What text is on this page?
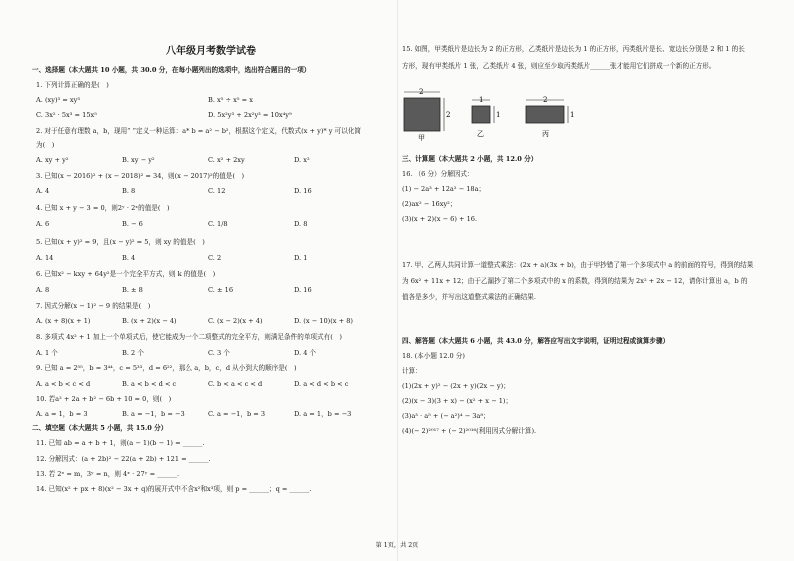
八年级月考数学试卷
一、选择题（本大题共 10 小题，共 30.0 分，在每小题列出的选项中，选出符合题目的一项）
1. 下列计算正确的是(　)
A. (xy)³ = xy³	B. x⁵ ÷ x⁵ = x
C. 3x² · 5x³ = 15x⁵	D. 5x²y³ + 2x²y³ = 10x⁴y⁹
2. 对于任意有理数 a，b，现用“ ”定义一种运算：a* b = a² − b²，根据这个定义，代数式(x + y)* y 可以化简
为(　)
A. xy + y²	B. xy − y²	C. x² + 2xy	D. x²
3. 已知(x − 2016)² + (x − 2018)² = 34，则(x − 2017)²的值是(　)
A. 4	B. 8	C. 12	D. 16
4. 已知 x + y − 3 = 0，则2ʸ · 2ˣ的值是(　)
A. 6	B. − 6	C. 1/8	D. 8
5. 已知(x + y)² = 9，且(x − y)² = 5，则 xy 的值是(　)
A. 14	B. 4	C. 2	D. 1
6. 已知x² − kxy + 64y²是一个完全平方式，则 k 的值是(　)
A. 8	B. ± 8	C. ± 16	D. 16
7. 因式分解(x − 1)² − 9 的结果是(　)
A. (x + 8)(x + 1)	B. (x + 2)(x − 4)	C. (x − 2)(x + 4)	D. (x − 10)(x + 8)
8. 多项式 4x² + 1 加上一个单项式后，使它能成为一个二项整式的完全平方，则满足条件的单项式有(　)
A. 1 个	B. 2 个	C. 3 个	D. 4 个
9. 已知 a = 2⁵⁵，b = 3⁴⁴，c = 5³³，d = 6²²，那么 a，b，c，d 从小到大的顺序是(　)
A. a < b < c < d	B. a < b < d < c	C. b < a < c < d	D. a < d < b < c
10. 若a² + 2a + b² − 6b + 10 = 0，则(　)
A. a = 1，b = 3	B. a = −1，b = −3	C. a = −1，b = 3	D. a = 1，b = −3
二、填空题（本大题共 5 小题，共 15.0 分）
11. 已知 ab = a + b + 1，则(a − 1)(b − 1) = ______.
12. 分解因式：(a + 2b)² − 22(a + 2b) + 121 = ______.
13. 若 2ˣ = m，3ʸ = n，则 4ˣ · 27ʸ = ______.
14. 已知(x² + px + 8)(x² − 3x + q)的展开式中不含x²和x³项，则 p = ______；q = ______.
15. 如图，甲类纸片是边长为 2 的正方形，乙类纸片是边长为 1 的正方形，丙类纸片是长、宽边长分别是 2 和 1 的长
方形，现有甲类纸片 1 张，乙类纸片 4 张，则应至少取丙类纸片______张才能用它们拼成一个新的正方形。
2
2
甲
1
1
乙
2
1
丙
三、计算题（本大题共 2 小题，共 12.0 分）
16. （6 分）分解因式：
(1) − 2a³ + 12a² − 18a；
(2)ax² − 16xy²；
(3)(x + 2)(x − 6) + 16.
17. 甲、乙两人共同计算一道整式乘法：(2x + a)(3x + b)，由于甲抄错了第一个多项式中 a 的前面的符号，得到的结果
为 6x² + 11x + 12；由于乙漏抄了第二个多项式中的 x 的系数，得到的结果为 2x² + 2x − 12，请你计算出 a，b 的
值各是多少，并写出这道整式乘法的正确结果.
四、解答题（本大题共 6 小题，共 43.0 分，解答应写出文字说明，证明过程或演算步骤）
18. (本小题 12.0 分)
计算：
(1)(2x + y)² − (2x + y)(2x − y)；
(2)(x − 3)(3 + x) − (x² + x − 1)；
(3)a³ · a⁵ + (− a²)⁴ − 3a⁸；
(4)(− 2)²⁰¹⁷ + (− 2)²⁰¹⁶(利用因式分解计算).
第 1页，共 2页
